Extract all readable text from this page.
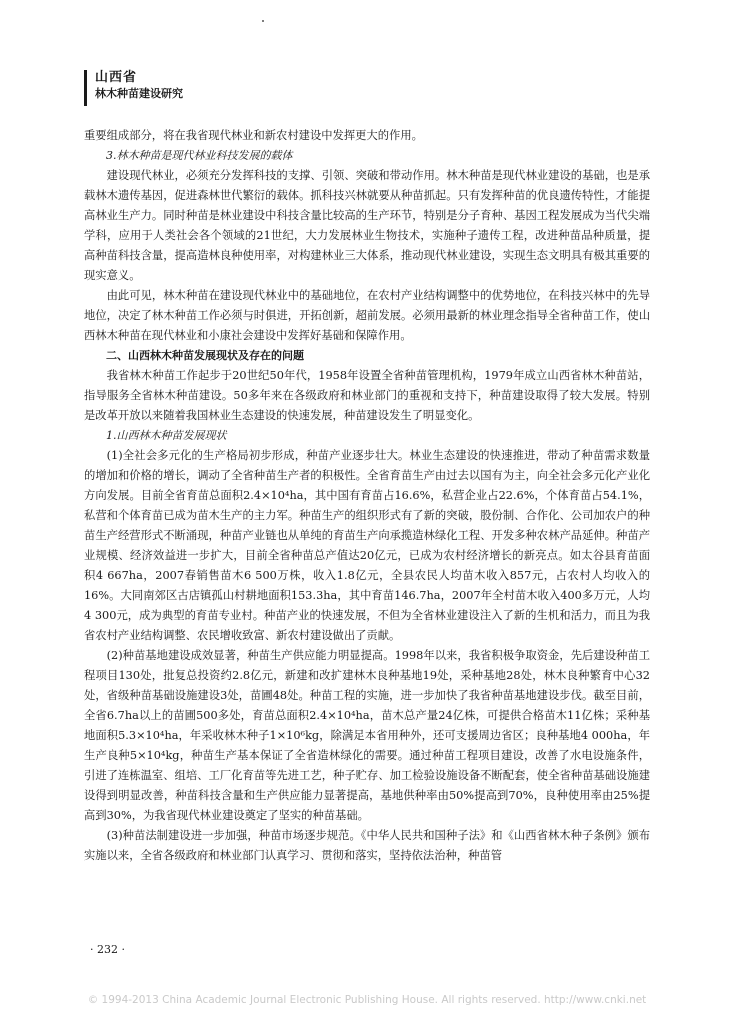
山西省
林木种苗建设研究

重要组成部分，将在我省现代林业和新农村建设中发挥更大的作用。

3.林木种苗是现代林业科技发展的载体

建设现代林业，必须充分发挥科技的支撑、引领、突破和带动作用。林木种苗是现代林业建设的基础，也是承载林木遗传基因，促进森林世代繁衍的载体。抓科技兴林就要从种苗抓起。只有发挥种苗的优良遗传特性，才能提高林业生产力。同时种苗是林业建设中科技含量比较高的生产环节，特别是分子育种、基因工程发展成为当代尖端学科，应用于人类社会各个领域的21世纪，大力发展林业生物技术，实施种子遗传工程，改进种苗品种质量，提高种苗科技含量，提高造林良种使用率，对构建林业三大体系，推动现代林业建设，实现生态文明具有极其重要的现实意义。

由此可见，林木种苗在建设现代林业中的基础地位，在农村产业结构调整中的优势地位，在科技兴林中的先导地位，决定了林木种苗工作必须与时俱进，开拓创新，超前发展。必须用最新的林业理念指导全省种苗工作，使山西林木种苗在现代林业和小康社会建设中发挥好基础和保障作用。

二、山西林木种苗发展现状及存在的问题

我省林木种苗工作起步于20世纪50年代，1958年设置全省种苗管理机构，1979年成立山西省林木种苗站，指导服务全省林木种苗建设。50多年来在各级政府和林业部门的重视和支持下，种苗建设取得了较大发展。特别是改革开放以来随着我国林业生态建设的快速发展，种苗建设发生了明显变化。

1.山西林木种苗发展现状

(1)全社会多元化的生产格局初步形成，种苗产业逐步壮大。林业生态建设的快速推进，带动了种苗需求数量的增加和价格的增长，调动了全省种苗生产者的积极性。全省育苗生产由过去以国有为主，向全社会多元化产业化方向发展。目前全省育苗总面积2.4×10⁴ha，其中国有育苗占16.6%，私营企业占22.6%，个体育苗占54.1%，私营和个体育苗已成为苗木生产的主力军。种苗生产的组织形式有了新的突破，股份制、合作化、公司加农户的种苗生产经营形式不断涌现，种苗产业链也从单纯的育苗生产向承揽造林绿化工程、开发多种农林产品延伸。种苗产业规模、经济效益进一步扩大，目前全省种苗总产值达20亿元，已成为农村经济增长的新亮点。如太谷县育苗面积4 667ha，2007春销售苗木6 500万株，收入1.8亿元，全县农民人均苗木收入857元，占农村人均收入的16%。大同南郊区古店镇孤山村耕地面积153.3ha，其中育苗146.7ha，2007年全村苗木收入400多万元，人均4 300元，成为典型的育苗专业村。种苗产业的快速发展，不但为全省林业建设注入了新的生机和活力，而且为我省农村产业结构调整、农民增收致富、新农村建设做出了贡献。

(2)种苗基地建设成效显著，种苗生产供应能力明显提高。1998年以来，我省积极争取资金，先后建设种苗工程项目130处，批复总投资约2.8亿元，新建和改扩建林木良种基地19处，采种基地28处，林木良种繁育中心32处，省级种苗基础设施建设3处，苗圃48处。种苗工程的实施，进一步加快了我省种苗基地建设步伐。截至目前，全省6.7ha以上的苗圃500多处，育苗总面积2.4×10⁴ha，苗木总产量24亿株，可提供合格苗木11亿株；采种基地面积5.3×10⁴ha，年采收林木种子1×10⁶kg，除满足本省用种外，还可支援周边省区；良种基地4 000ha，年生产良种5×10⁴kg，种苗生产基本保证了全省造林绿化的需要。通过种苗工程项目建设，改善了水电设施条件，引进了连栋温室、组培、工厂化育苗等先进工艺，种子贮存、加工检验设施设备不断配套，使全省种苗基础设施建设得到明显改善，种苗科技含量和生产供应能力显著提高，基地供种率由50%提高到70%，良种使用率由25%提高到30%，为我省现代林业建设奠定了坚实的种苗基础。

(3)种苗法制建设进一步加强，种苗市场逐步规范。《中华人民共和国种子法》和《山西省林木种子条例》颁布实施以来，全省各级政府和林业部门认真学习、贯彻和落实，坚持依法治种，种苗管

· 232 ·
© 1994-2013 China Academic Journal Electronic Publishing House. All rights reserved. http://www.cnki.net
